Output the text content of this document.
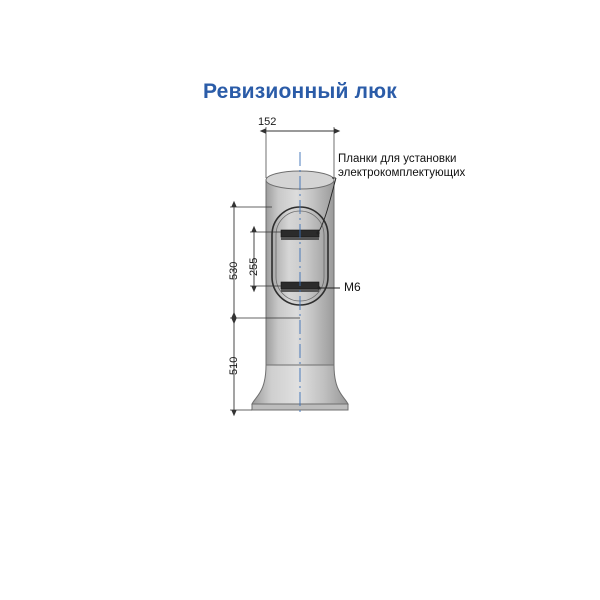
Ревизионный люк
152
530 255
510
Планки для установки
электрокомплектующих
M6
